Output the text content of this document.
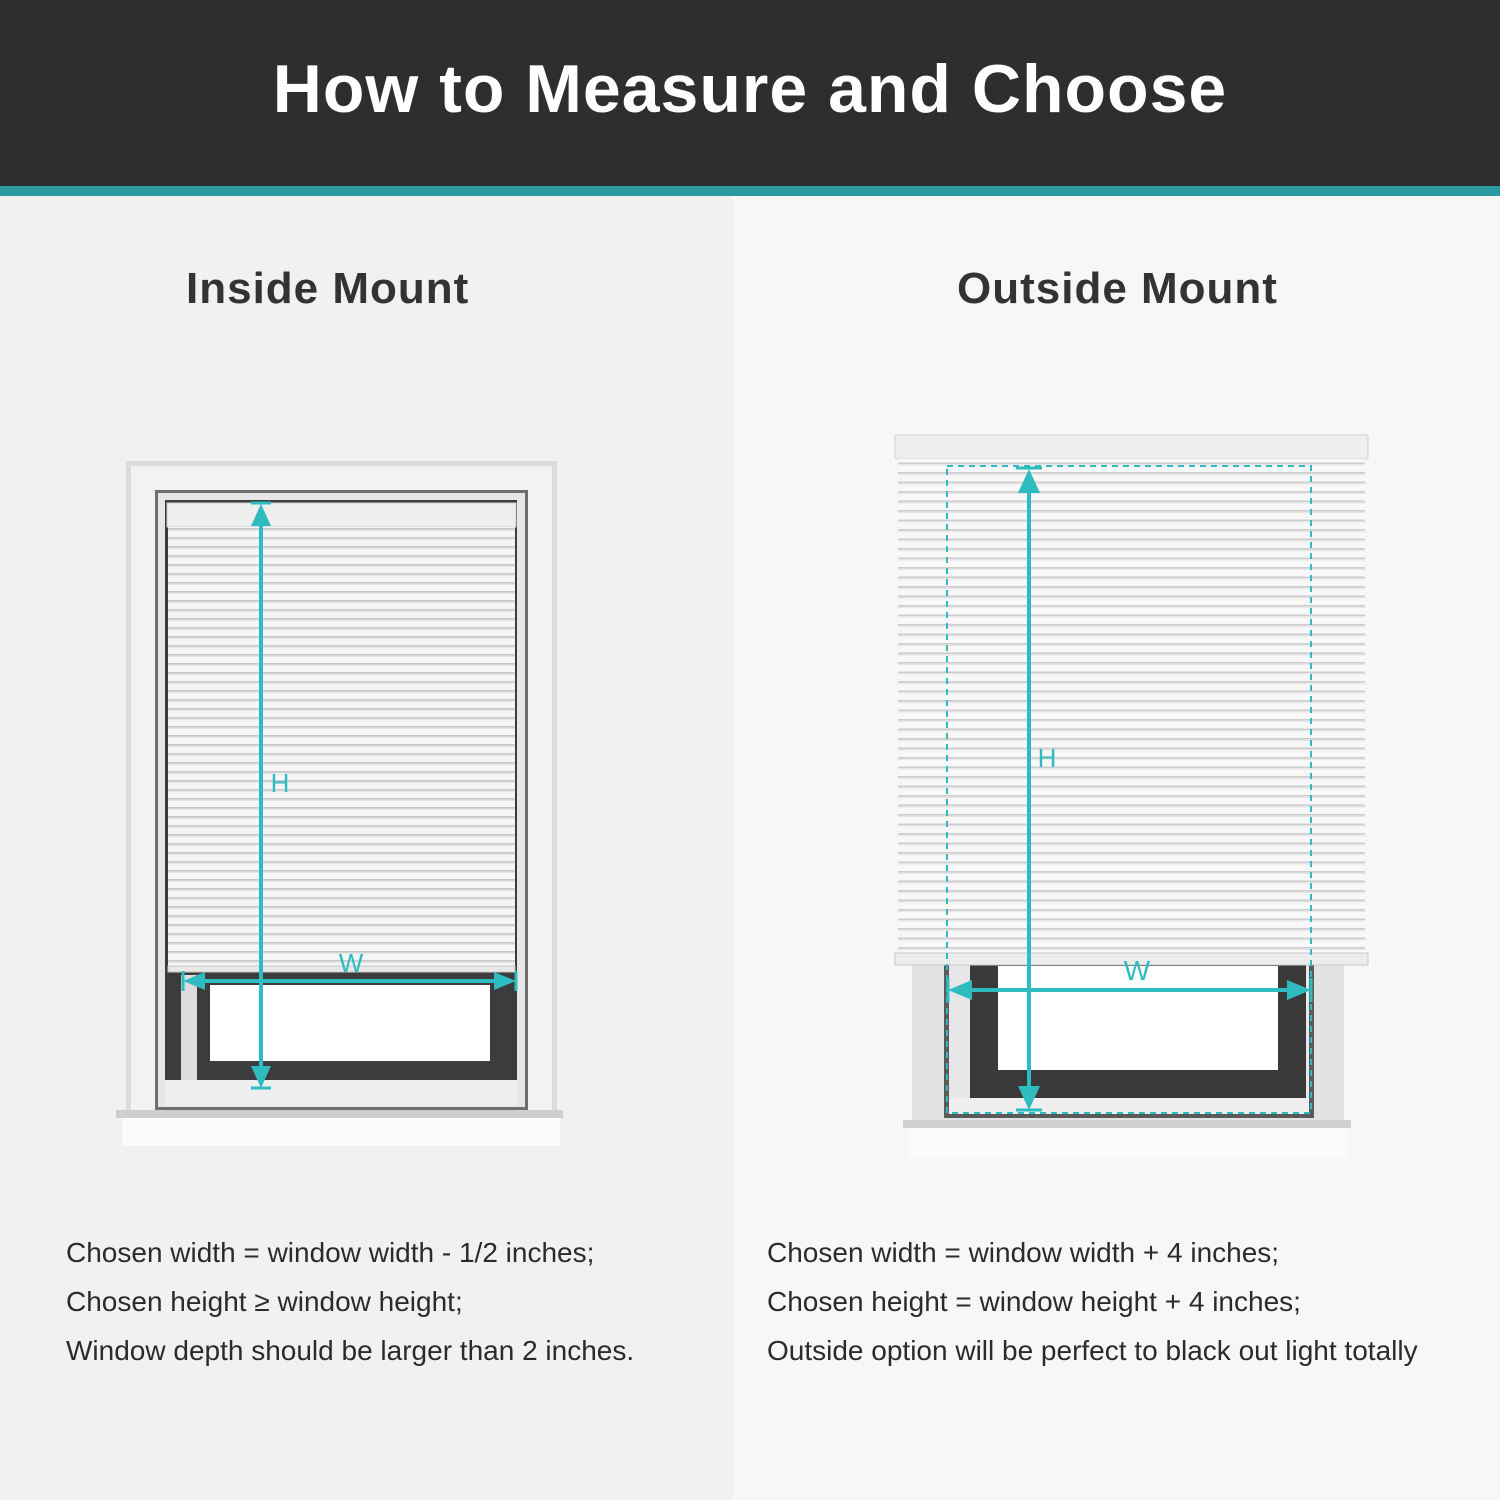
How to Measure and Choose
Inside Mount	Outside Mount
H
W
H
W
Chosen width = window width - 1/2 inches;
Chosen height ≥ window height;
Window depth should be larger than 2 inches.
Chosen width = window width + 4 inches;
Chosen height = window height + 4 inches;
Outside option will be perfect to black out light totally
